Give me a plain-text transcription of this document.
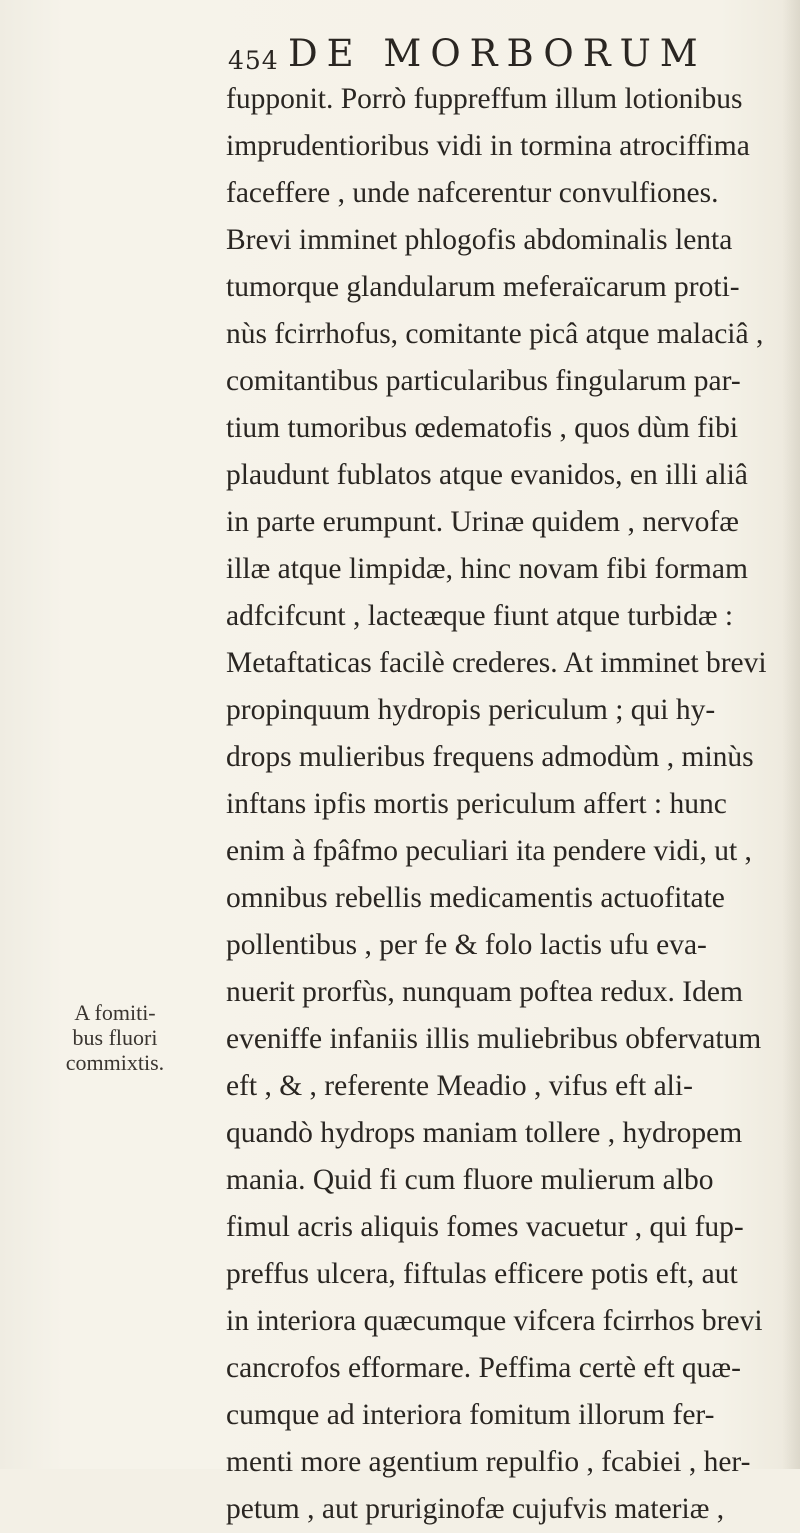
454 DE MORBORUM
A fomiti-
bus fluori
commixtis.
fupponit. Porrò fuppreffum illum lotionibus
imprudentioribus vidi in tormina atrociffima
faceffere , unde nafcerentur convulfiones.
Brevi imminet phlogofis abdominalis lenta
tumorque glandularum meferaïcarum proti-
nùs fcirrhofus, comitante picâ atque malaciâ ,
comitantibus particularibus fingularum par-
tium tumoribus œdematofis , quos dùm fibi
plaudunt fublatos atque evanidos, en illi aliâ
in parte erumpunt. Urinæ quidem , nervofæ
illæ atque limpidæ, hinc novam fibi formam
adfcifcunt , lacteæque fiunt atque turbidæ :
Metaftaticas facilè crederes. At imminet brevi
propinquum hydropis periculum ; qui hy-
drops mulieribus frequens admodùm , minùs
inftans ipfis mortis periculum affert : hunc
enim à fpâfmo peculiari ita pendere vidi, ut ,
omnibus rebellis medicamentis actuofitate
pollentibus , per fe & folo lactis ufu eva-
nuerit prorfùs, nunquam poftea redux. Idem
eveniffe infaniis illis muliebribus obfervatum
eft , & , referente Meadio , vifus eft ali-
quandò hydrops maniam tollere , hydropem
mania. Quid fi cum fluore mulierum albo
fimul acris aliquis fomes vacuetur , qui fup-
preffus ulcera, fiftulas efficere potis eft, aut
in interiora quæcumque vifcera fcirrhos brevi
cancrofos efformare. Peffima certè eft quæ-
cumque ad interiora fomitum illorum fer-
menti more agentium repulfio , fcabiei , her-
petum , aut pruriginofæ cujufvis materiæ ,
